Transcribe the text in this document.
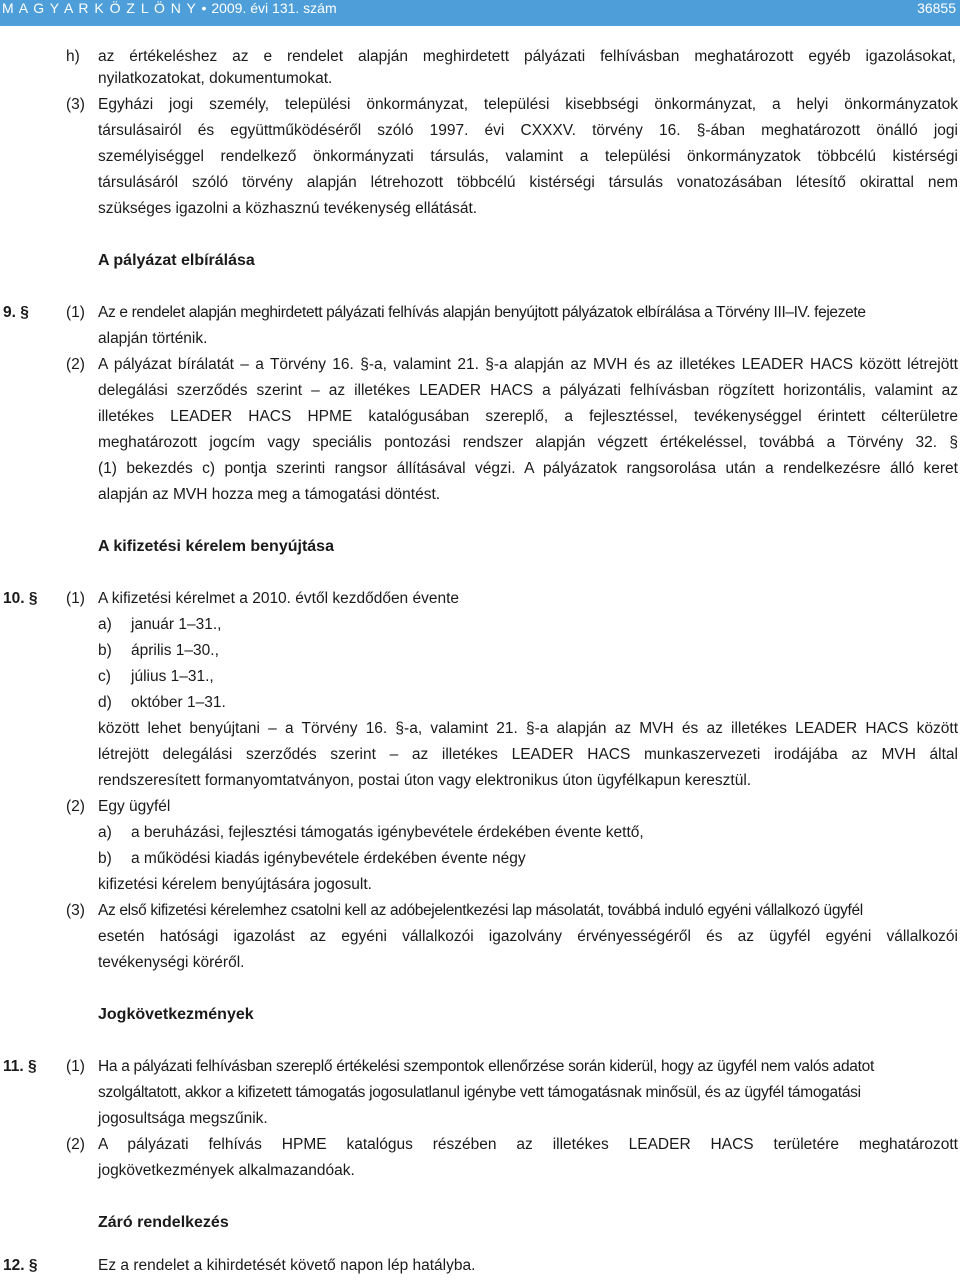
M A G Y A R K Ö Z L Ö N Y • 2009. évi 131. szám	36855
h) az értékeléshez az e rendelet alapján meghirdetett pályázati felhívásban meghatározott egyéb igazolásokat,
nyilatkozatokat, dokumentumokat.
(3) Egyházi jogi személy, települési önkormányzat, települési kisebbségi önkormányzat, a helyi önkormányzatok
társulásairól és együttműködéséről szóló 1997. évi CXXXV. törvény 16. §-ában meghatározott önálló jogi
személyiséggel rendelkező önkormányzati társulás, valamint a települési önkormányzatok többcélú kistérségi
társulásáról szóló törvény alapján létrehozott többcélú kistérségi társulás vonatozásában létesítő okirattal nem
szükséges igazolni a közhasznú tevékenység ellátását.
A pályázat elbírálása
9. § (1) Az e rendelet alapján meghirdetett pályázati felhívás alapján benyújtott pályázatok elbírálása a Törvény III–IV. fejezete
alapján történik.
(2) A pályázat bírálatát – a Törvény 16. §-a, valamint 21. §-a alapján az MVH és az illetékes LEADER HACS között létrejött
delegálási szerződés szerint – az illetékes LEADER HACS a pályázati felhívásban rögzített horizontális, valamint az
illetékes LEADER HACS HPME katalógusában szereplő, a fejlesztéssel, tevékenységgel érintett célterületre
meghatározott jogcím vagy speciális pontozási rendszer alapján végzett értékeléssel, továbbá a Törvény 32. §
(1) bekezdés c) pontja szerinti rangsor állításával végzi. A pályázatok rangsorolása után a rendelkezésre álló keret
alapján az MVH hozza meg a támogatási döntést.
A kifizetési kérelem benyújtása
10. § (1) A kifizetési kérelmet a 2010. évtől kezdődően évente
a) január 1–31.,
b) április 1–30.,
c) július 1–31.,
d) október 1–31.
között lehet benyújtani – a Törvény 16. §-a, valamint 21. §-a alapján az MVH és az illetékes LEADER HACS között
létrejött delegálási szerződés szerint – az illetékes LEADER HACS munkaszervezeti irodájába az MVH által
rendszeresített formanyomtatványon, postai úton vagy elektronikus úton ügyfélkapun keresztül.
(2) Egy ügyfél
a) a beruházási, fejlesztési támogatás igénybevétele érdekében évente kettő,
b) a működési kiadás igénybevétele érdekében évente négy
kifizetési kérelem benyújtására jogosult.
(3) Az első kifizetési kérelemhez csatolni kell az adóbejelentkezési lap másolatát, továbbá induló egyéni vállalkozó ügyfél
esetén hatósági igazolást az egyéni vállalkozói igazolvány érvényességéről és az ügyfél egyéni vállalkozói
tevékenységi köréről.
Jogkövetkezmények
11. § (1) Ha a pályázati felhívásban szereplő értékelési szempontok ellenőrzése során kiderül, hogy az ügyfél nem valós adatot
szolgáltatott, akkor a kifizetett támogatás jogosulatlanul igénybe vett támogatásnak minősül, és az ügyfél támogatási
jogosultsága megszűnik.
(2) A pályázati felhívás HPME katalógus részében az illetékes LEADER HACS területére meghatározott
jogkövetkezmények alkalmazandóak.
Záró rendelkezés
12. §	Ez a rendelet a kihirdetését követő napon lép hatályba.
